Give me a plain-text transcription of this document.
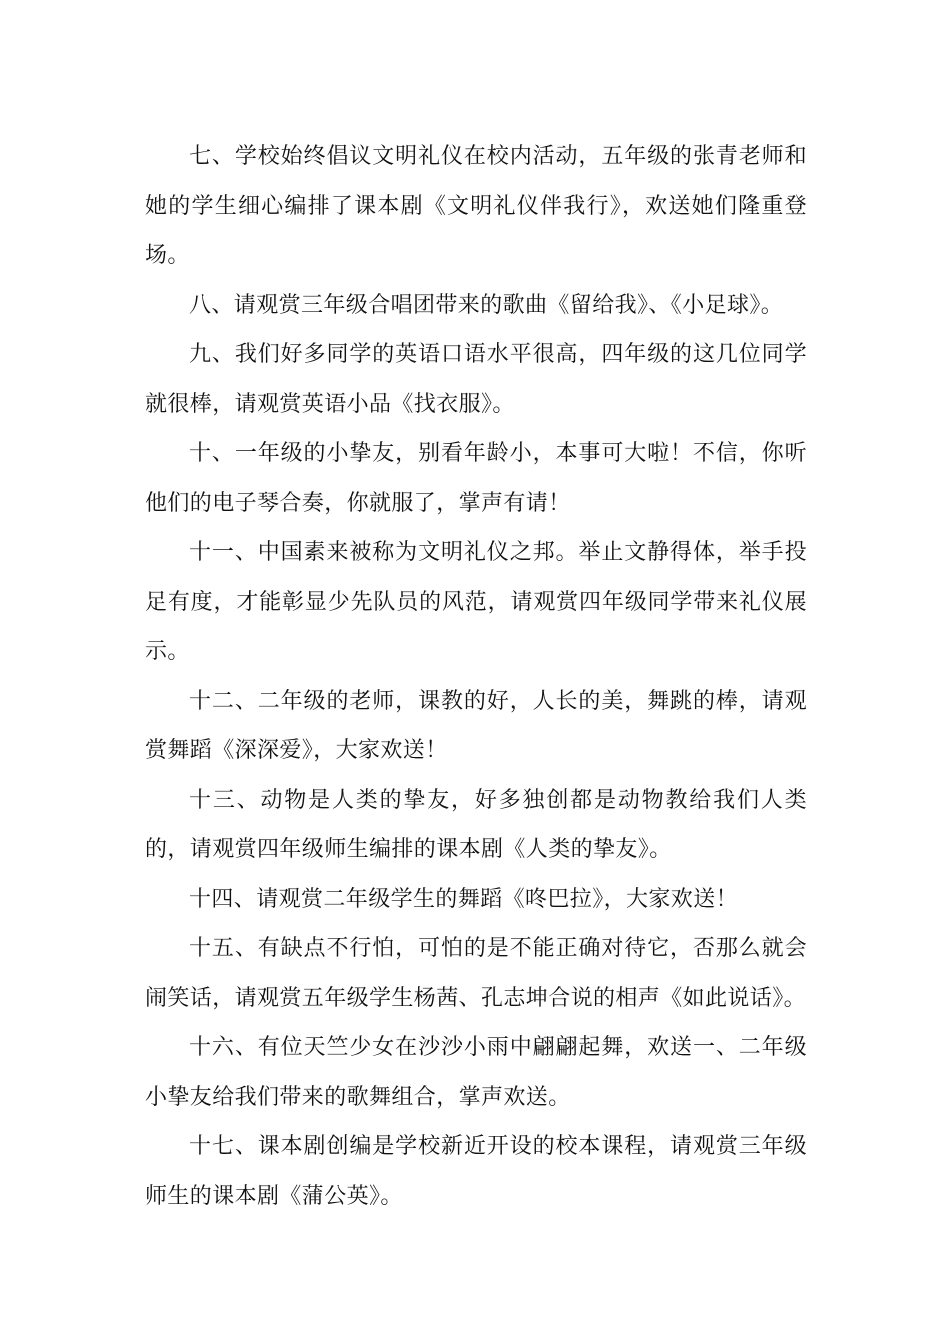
七、学校始终倡议文明礼仪在校内活动，五年级的张青老师和她的学生细心编排了课本剧《文明礼仪伴我行》，欢送她们隆重登场。

八、请观赏三年级合唱团带来的歌曲《留给我》、《小足球》。

九、我们好多同学的英语口语水平很高，四年级的这几位同学就很棒，请观赏英语小品《找衣服》。

十、一年级的小挚友，别看年龄小，本事可大啦！不信，你听他们的电子琴合奏，你就服了，掌声有请！

十一、中国素来被称为文明礼仪之邦。举止文静得体，举手投足有度，才能彰显少先队员的风范，请观赏四年级同学带来礼仪展示。

十二、二年级的老师，课教的好，人长的美，舞跳的棒，请观赏舞蹈《深深爱》，大家欢送！

十三、动物是人类的挚友，好多独创都是动物教给我们人类的，请观赏四年级师生编排的课本剧《人类的挚友》。

十四、请观赏二年级学生的舞蹈《咚巴拉》，大家欢送！

十五、有缺点不行怕，可怕的是不能正确对待它，否那么就会闹笑话，请观赏五年级学生杨茜、孔志坤合说的相声《如此说话》。

十六、有位天竺少女在沙沙小雨中翩翩起舞，欢送一、二年级小挚友给我们带来的歌舞组合，掌声欢送。

十七、课本剧创编是学校新近开设的校本课程，请观赏三年级师生的课本剧《蒲公英》。
